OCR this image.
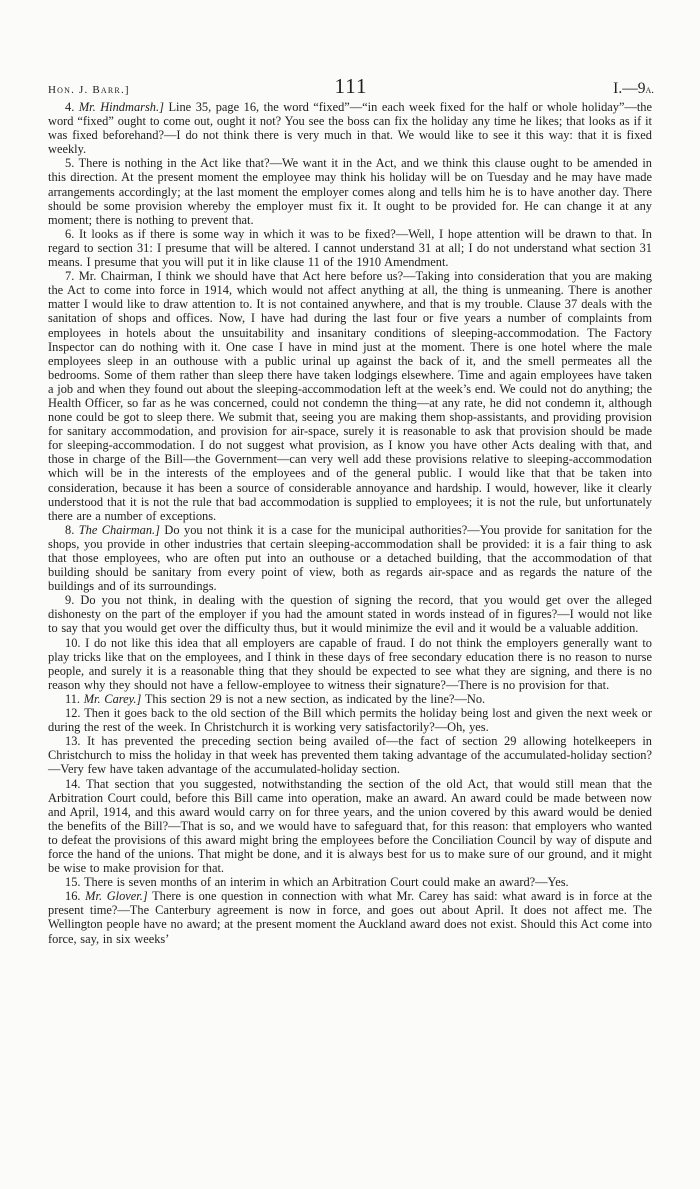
Hon. J. Barr.]	111	I.—9a.

4. Mr. Hindmarsh.] Line 35, page 16, the word “fixed”—“in each week fixed for the half or whole holiday”—the word “fixed” ought to come out, ought it not? You see the boss can fix the holiday any time he likes; that looks as if it was fixed beforehand?—I do not think there is very much in that. We would like to see it this way: that it is fixed weekly.

5. There is nothing in the Act like that?—We want it in the Act, and we think this clause ought to be amended in this direction. At the present moment the employee may think his holiday will be on Tuesday and he may have made arrangements accordingly; at the last moment the employer comes along and tells him he is to have another day. There should be some provision whereby the employer must fix it. It ought to be provided for. He can change it at any moment; there is nothing to prevent that.

6. It looks as if there is some way in which it was to be fixed?—Well, I hope attention will be drawn to that. In regard to section 31: I presume that will be altered. I cannot understand 31 at all; I do not understand what section 31 means. I presume that you will put it in like clause 11 of the 1910 Amendment.

7. Mr. Chairman, I think we should have that Act here before us?—Taking into consideration that you are making the Act to come into force in 1914, which would not affect anything at all, the thing is unmeaning. There is another matter I would like to draw attention to. It is not contained anywhere, and that is my trouble. Clause 37 deals with the sanitation of shops and offices. Now, I have had during the last four or five years a number of complaints from employees in hotels about the unsuitability and insanitary conditions of sleeping-accommodation. The Factory Inspector can do nothing with it. One case I have in mind just at the moment. There is one hotel where the male employees sleep in an outhouse with a public urinal up against the back of it, and the smell permeates all the bedrooms. Some of them rather than sleep there have taken lodgings elsewhere. Time and again employees have taken a job and when they found out about the sleeping-accommodation left at the week’s end. We could not do anything; the Health Officer, so far as he was concerned, could not condemn the thing—at any rate, he did not condemn it, although none could be got to sleep there. We submit that, seeing you are making them shop-assistants, and providing provision for sanitary accommodation, and provision for air-space, surely it is reasonable to ask that provision should be made for sleeping-accommodation. I do not suggest what provision, as I know you have other Acts dealing with that, and those in charge of the Bill—the Government—can very well add these provisions relative to sleeping-accommodation which will be in the interests of the employees and of the general public. I would like that that be taken into consideration, because it has been a source of considerable annoyance and hardship. I would, however, like it clearly understood that it is not the rule that bad accommodation is supplied to employees; it is not the rule, but unfortunately there are a number of exceptions.

8. The Chairman.] Do you not think it is a case for the municipal authorities?—You provide for sanitation for the shops, you provide in other industries that certain sleeping-accommodation shall be provided: it is a fair thing to ask that those employees, who are often put into an outhouse or a detached building, that the accommodation of that building should be sanitary from every point of view, both as regards air-space and as regards the nature of the buildings and of its surroundings.

9. Do you not think, in dealing with the question of signing the record, that you would get over the alleged dishonesty on the part of the employer if you had the amount stated in words instead of in figures?—I would not like to say that you would get over the difficulty thus, but it would minimize the evil and it would be a valuable addition.

10. I do not like this idea that all employers are capable of fraud. I do not think the employers generally want to play tricks like that on the employees, and I think in these days of free secondary education there is no reason to nurse people, and surely it is a reasonable thing that they should be expected to see what they are signing, and there is no reason why they should not have a fellow-employee to witness their signature?—There is no provision for that.

11. Mr. Carey.] This section 29 is not a new section, as indicated by the line?—No.

12. Then it goes back to the old section of the Bill which permits the holiday being lost and given the next week or during the rest of the week. In Christchurch it is working very satisfactorily?—Oh, yes.

13. It has prevented the preceding section being availed of—the fact of section 29 allowing hotelkeepers in Christchurch to miss the holiday in that week has prevented them taking advantage of the accumulated-holiday section?—Very few have taken advantage of the accumulated-holiday section.

14. That section that you suggested, notwithstanding the section of the old Act, that would still mean that the Arbitration Court could, before this Bill came into operation, make an award. An award could be made between now and April, 1914, and this award would carry on for three years, and the union covered by this award would be denied the benefits of the Bill?—That is so, and we would have to safeguard that, for this reason: that employers who wanted to defeat the provisions of this award might bring the employees before the Conciliation Council by way of dispute and force the hand of the unions. That might be done, and it is always best for us to make sure of our ground, and it might be wise to make provision for that.

15. There is seven months of an interim in which an Arbitration Court could make an award?—Yes.

16. Mr. Glover.] There is one question in connection with what Mr. Carey has said: what award is in force at the present time?—The Canterbury agreement is now in force, and goes out about April. It does not affect me. The Wellington people have no award; at the present moment the Auckland award does not exist. Should this Act come into force, say, in six weeks’
